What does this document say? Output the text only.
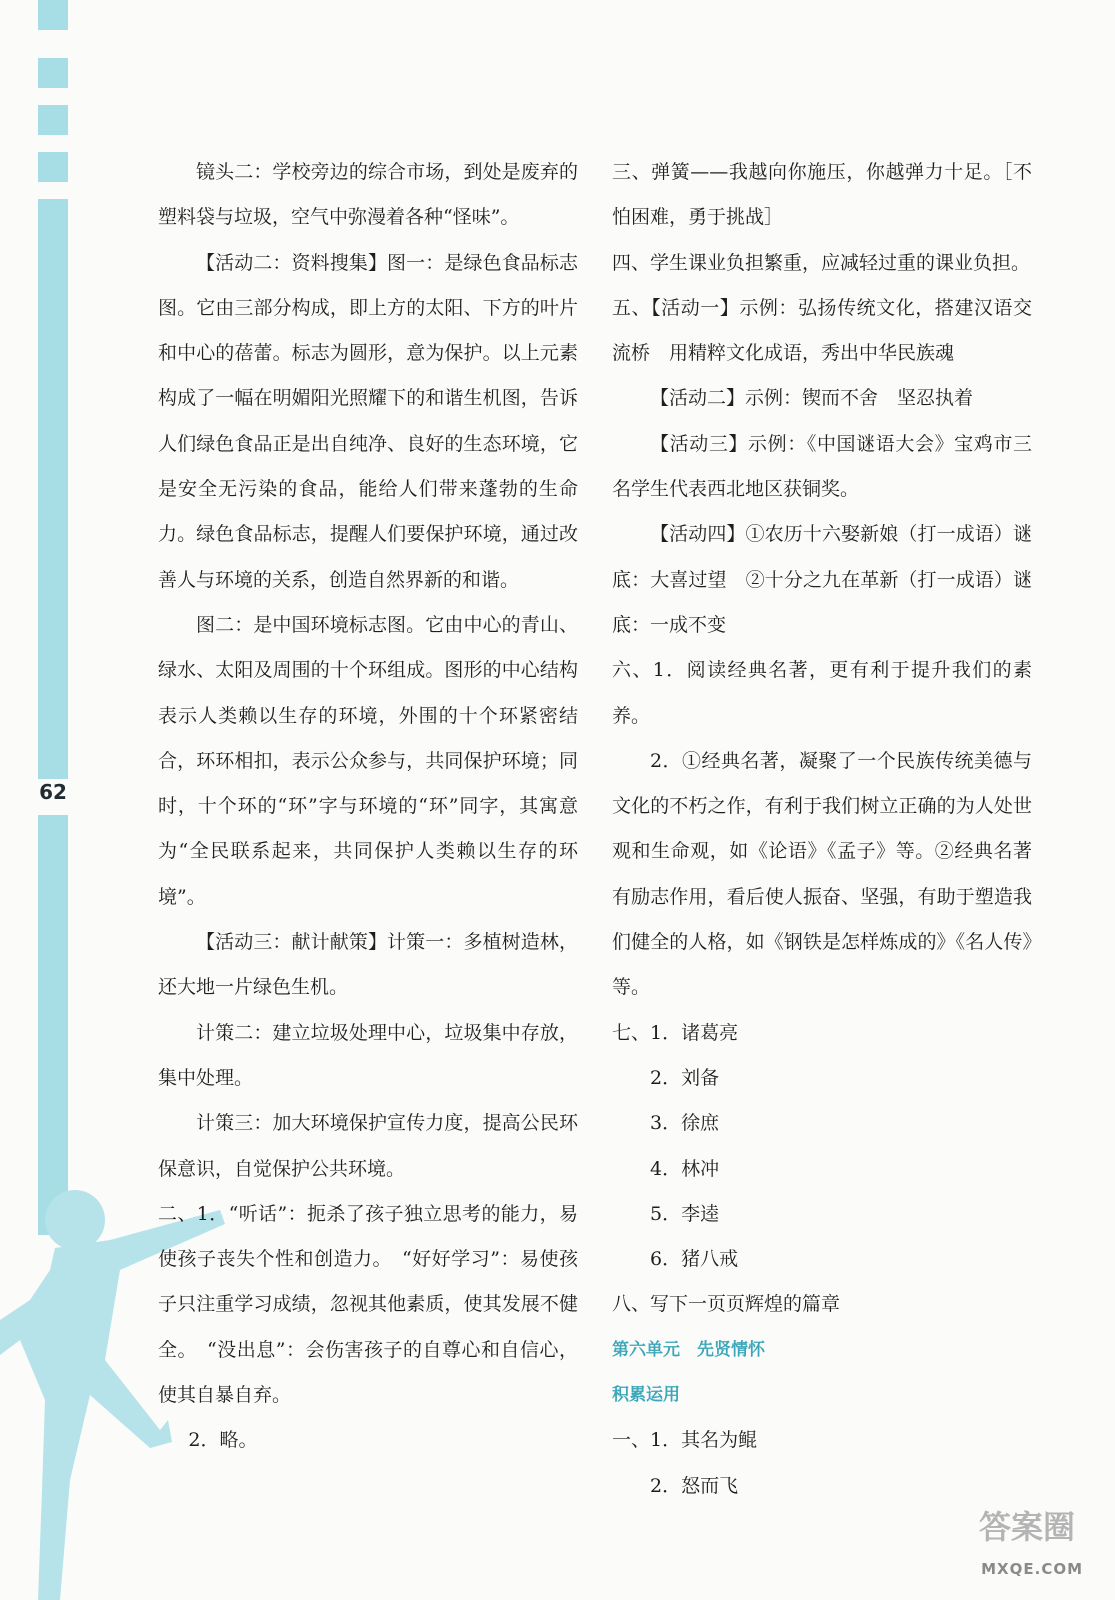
62

镜头二：学校旁边的综合市场，到处是废弃的塑料袋与垃圾，空气中弥漫着各种“怪味”。

【活动二：资料搜集】图一：是绿色食品标志图。它由三部分构成，即上方的太阳、下方的叶片和中心的蓓蕾。标志为圆形，意为保护。以上元素构成了一幅在明媚阳光照耀下的和谐生机图，告诉人们绿色食品正是出自纯净、良好的生态环境，它是安全无污染的食品，能给人们带来蓬勃的生命力。绿色食品标志，提醒人们要保护环境，通过改善人与环境的关系，创造自然界新的和谐。

图二：是中国环境标志图。它由中心的青山、绿水、太阳及周围的十个环组成。图形的中心结构表示人类赖以生存的环境，外围的十个环紧密结合，环环相扣，表示公众参与，共同保护环境；同时，十个环的“环”字与环境的“环”同字，其寓意为“全民联系起来，共同保护人类赖以生存的环境”。

【活动三：献计献策】计策一：多植树造林，还大地一片绿色生机。

计策二：建立垃圾处理中心，垃圾集中存放，集中处理。

计策三：加大环境保护宣传力度，提高公民环保意识，自觉保护公共环境。

二、1．“听话”：扼杀了孩子独立思考的能力，易使孩子丧失个性和创造力。　“好好学习”：易使孩子只注重学习成绩，忽视其他素质，使其发展不健全。　“没出息”：会伤害孩子的自尊心和自信心，使其自暴自弃。

2．略。

三、弹簧——我越向你施压，你越弹力十足。［不怕困难，勇于挑战］

四、学生课业负担繁重，应减轻过重的课业负担。

五、【活动一】示例：弘扬传统文化，搭建汉语交流桥　用精粹文化成语，秀出中华民族魂

【活动二】示例：锲而不舍　坚忍执着

【活动三】示例：《中国谜语大会》宝鸡市三名学生代表西北地区获铜奖。

【活动四】①农历十六娶新娘（打一成语）谜底：大喜过望　②十分之九在革新（打一成语）谜底：一成不变

六、1．阅读经典名著，更有利于提升我们的素养。

2．①经典名著，凝聚了一个民族传统美德与文化的不朽之作，有利于我们树立正确的为人处世观和生命观，如《论语》《孟子》等。②经典名著有励志作用，看后使人振奋、坚强，有助于塑造我们健全的人格，如《钢铁是怎样炼成的》《名人传》等。

七、1．诸葛亮

2．刘备

3．徐庶

4．林冲

5．李逵

6．猪八戒

八、写下一页页辉煌的篇章

第六单元　先贤情怀

积累运用

一、1．其名为鲲

2．怒而飞

答案圈
MXQE.COM
